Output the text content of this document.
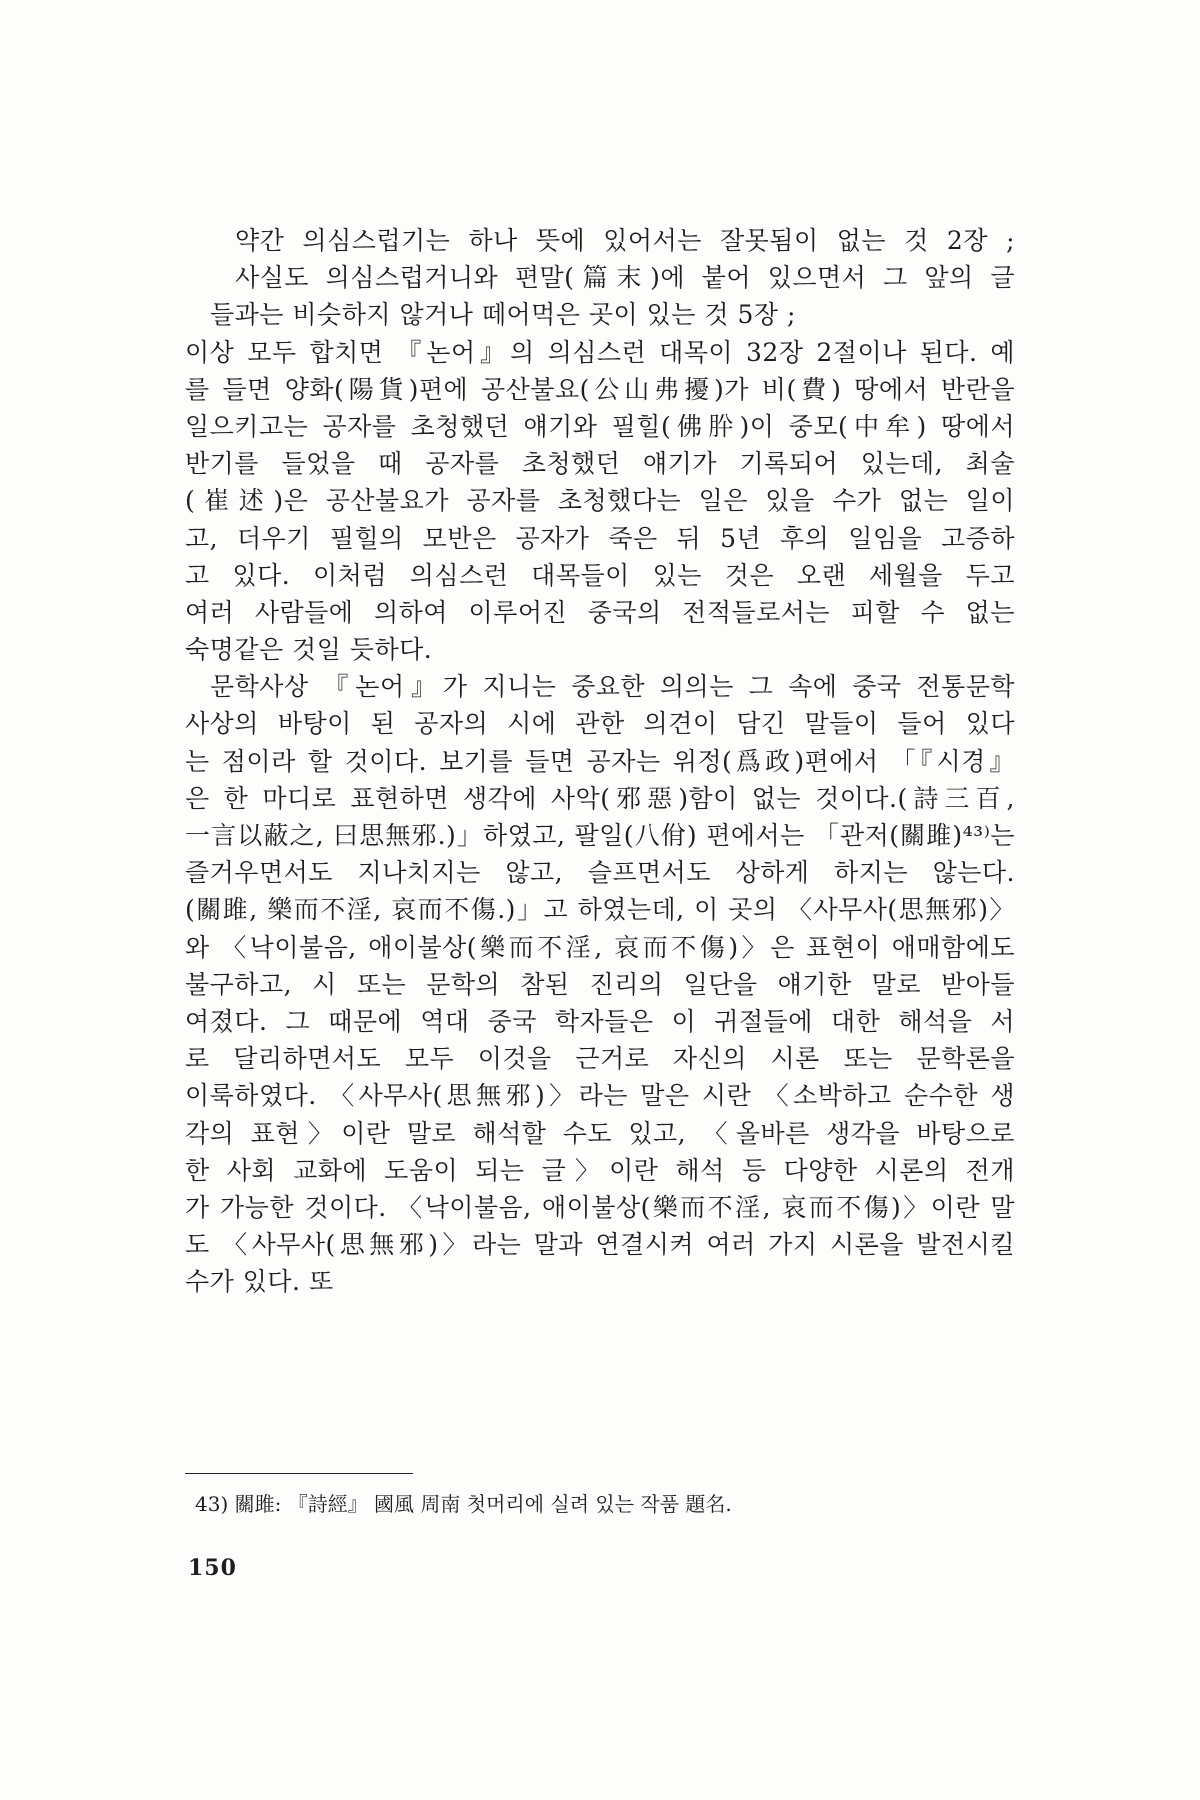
약간 의심스럽기는 하나 뜻에 있어서는 잘못됨이 없는 것 2장 ;
사실도 의심스럽거니와 편말(篇末)에 붙어 있으면서 그 앞의 글
들과는 비슷하지 않거나 떼어먹은 곳이 있는 것 5장 ;
이상 모두 합치면 『논어』의 의심스런 대목이 32장 2절이나 된다. 예
를 들면 양화(陽貨)편에 공산불요(公山弗擾)가 비(費) 땅에서 반란을
일으키고는 공자를 초청했던 얘기와 필힐(佛肸)이 중모(中牟) 땅에서
반기를 들었을 때 공자를 초청했던 얘기가 기록되어 있는데, 최술
(崔述)은 공산불요가 공자를 초청했다는 일은 있을 수가 없는 일이
고, 더우기 필힐의 모반은 공자가 죽은 뒤 5년 후의 일임을 고증하
고 있다. 이처럼 의심스런 대목들이 있는 것은 오랜 세월을 두고
여러 사람들에 의하여 이루어진 중국의 전적들로서는 피할 수 없는
숙명같은 것일 듯하다.
문학사상 『논어』가 지니는 중요한 의의는 그 속에 중국 전통문학
사상의 바탕이 된 공자의 시에 관한 의견이 담긴 말들이 들어 있다
는 점이라 할 것이다. 보기를 들면 공자는 위정(爲政)편에서 「『시경』
은 한 마디로 표현하면 생각에 사악(邪惡)함이 없는 것이다.(詩三百,
一言以蔽之, 曰思無邪.)」하였고, 팔일(八佾) 편에서는 「관저(關雎)⁴³⁾는
즐거우면서도 지나치지는 않고, 슬프면서도 상하게 하지는 않는다.
(關雎, 樂而不淫, 哀而不傷.)」고 하였는데, 이 곳의 〈사무사(思無邪)〉
와 〈낙이불음, 애이불상(樂而不淫, 哀而不傷)〉은 표현이 애매함에도
불구하고, 시 또는 문학의 참된 진리의 일단을 얘기한 말로 받아들
여졌다. 그 때문에 역대 중국 학자들은 이 귀절들에 대한 해석을 서
로 달리하면서도 모두 이것을 근거로 자신의 시론 또는 문학론을
이룩하였다. 〈사무사(思無邪)〉라는 말은 시란 〈소박하고 순수한 생
각의 표현〉이란 말로 해석할 수도 있고, 〈올바른 생각을 바탕으로
한 사회 교화에 도움이 되는 글〉이란 해석 등 다양한 시론의 전개
가 가능한 것이다. 〈낙이불음, 애이불상(樂而不淫, 哀而不傷)〉이란 말
도 〈사무사(思無邪)〉라는 말과 연결시켜 여러 가지 시론을 발전시킬
수가 있다. 또
43) 關雎: 『詩經』 國風 周南 첫머리에 실려 있는 작품 題名.
150
